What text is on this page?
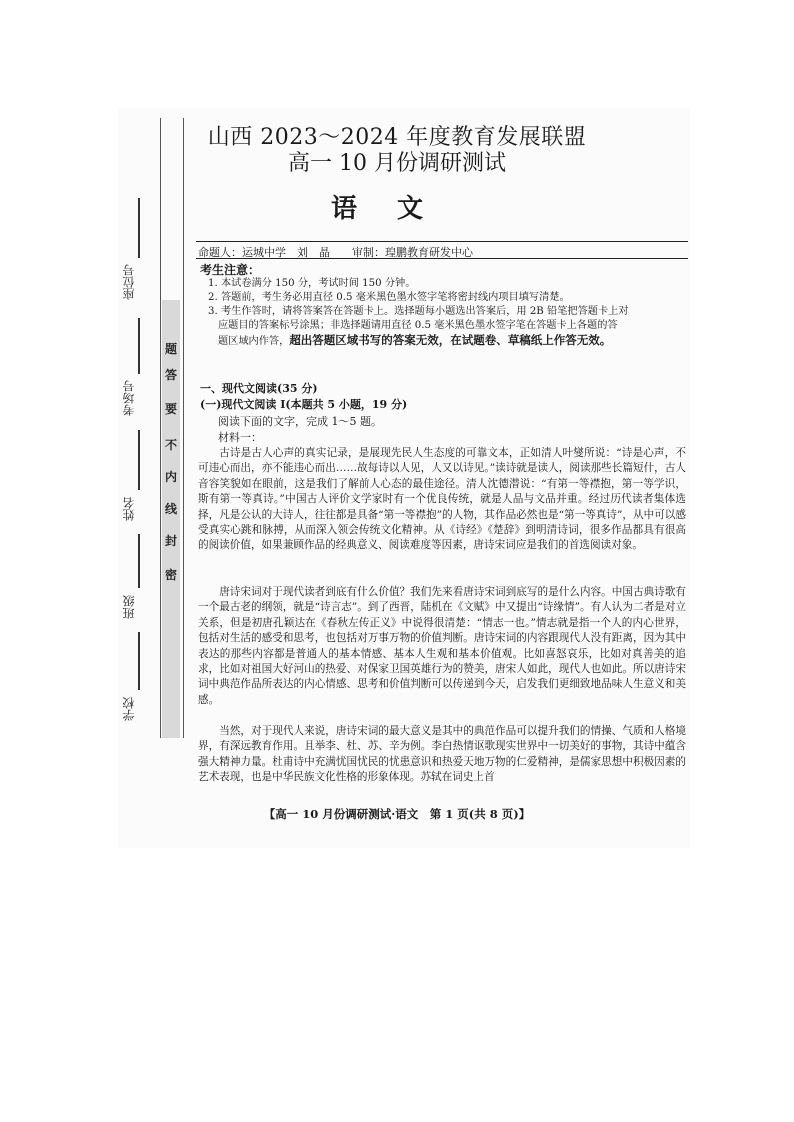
题
答
要
不
内
线
封
密
座位号
考场号
姓名
班级
学校
山西 2023～2024 年度教育发展联盟
高一 10 月份调研测试
语文
命题人：运城中学　刘　晶　　审制：瑝鹏教育研发中心
考生注意：
1. 本试卷满分 150 分，考试时间 150 分钟。
2. 答题前，考生务必用直径 0.5 毫米黑色墨水签字笔将密封线内项目填写清楚。
3. 考生作答时，请将答案答在答题卡上。选择题每小题选出答案后，用 2B 铅笔把答题卡上对
应题目的答案标号涂黑；非选择题请用直径 0.5 毫米黑色墨水签字笔在答题卡上各题的答
题区域内作答，超出答题区域书写的答案无效，在试题卷、草稿纸上作答无效。
一、现代文阅读(35 分)
(一)现代文阅读 Ⅰ(本题共 5 小题，19 分)
阅读下面的文字，完成 1～5 题。
材料一：

古诗是古人心声的真实记录，是展现先民人生态度的可靠文本，正如清人叶燮所说：“诗是心声，不可违心而出，亦不能违心而出……故每诗以人见，人又以诗见。”读诗就是读人，阅读那些长篇短什，古人音容笑貌如在眼前，这是我们了解前人心态的最佳途径。清人沈德潜说：“有第一等襟抱，第一等学识，斯有第一等真诗。”中国古人评价文学家时有一个优良传统，就是人品与文品并重。经过历代读者集体选择，凡是公认的大诗人，往往都是具备“第一等襟抱”的人物，其作品必然也是“第一等真诗”，从中可以感受真实心跳和脉搏，从而深入领会传统文化精神。从《诗经》《楚辞》到明清诗词，很多作品都具有很高的阅读价值，如果兼顾作品的经典意义、阅读难度等因素，唐诗宋词应是我们的首选阅读对象。

唐诗宋词对于现代读者到底有什么价值？我们先来看唐诗宋词到底写的是什么内容。中国古典诗歌有一个最古老的纲领，就是“诗言志”。到了西晋，陆机在《文赋》中又提出“诗缘情”。有人认为二者是对立关系，但是初唐孔颖达在《春秋左传正义》中说得很清楚：“情志一也。”情志就是指一个人的内心世界，包括对生活的感受和思考，也包括对万事万物的价值判断。唐诗宋词的内容跟现代人没有距离，因为其中表达的那些内容都是普通人的基本情感、基本人生观和基本价值观。比如喜怒哀乐，比如对真善美的追求，比如对祖国大好河山的热爱、对保家卫国英雄行为的赞美，唐宋人如此，现代人也如此。所以唐诗宋词中典范作品所表达的内心情感、思考和价值判断可以传递到今天，启发我们更细致地品味人生意义和美感。

当然，对于现代人来说，唐诗宋词的最大意义是其中的典范作品可以提升我们的情操、气质和人格境界，有深远教育作用。且举李、杜、苏、辛为例。李白热情讴歌现实世界中一切美好的事物，其诗中蕴含强大精神力量。杜甫诗中充满忧国忧民的忧患意识和热爱天地万物的仁爱精神，是儒家思想中积极因素的艺术表现，也是中华民族文化性格的形象体现。苏轼在词史上首

【高一 10 月份调研测试·语文　第 1 页(共 8 页)】
